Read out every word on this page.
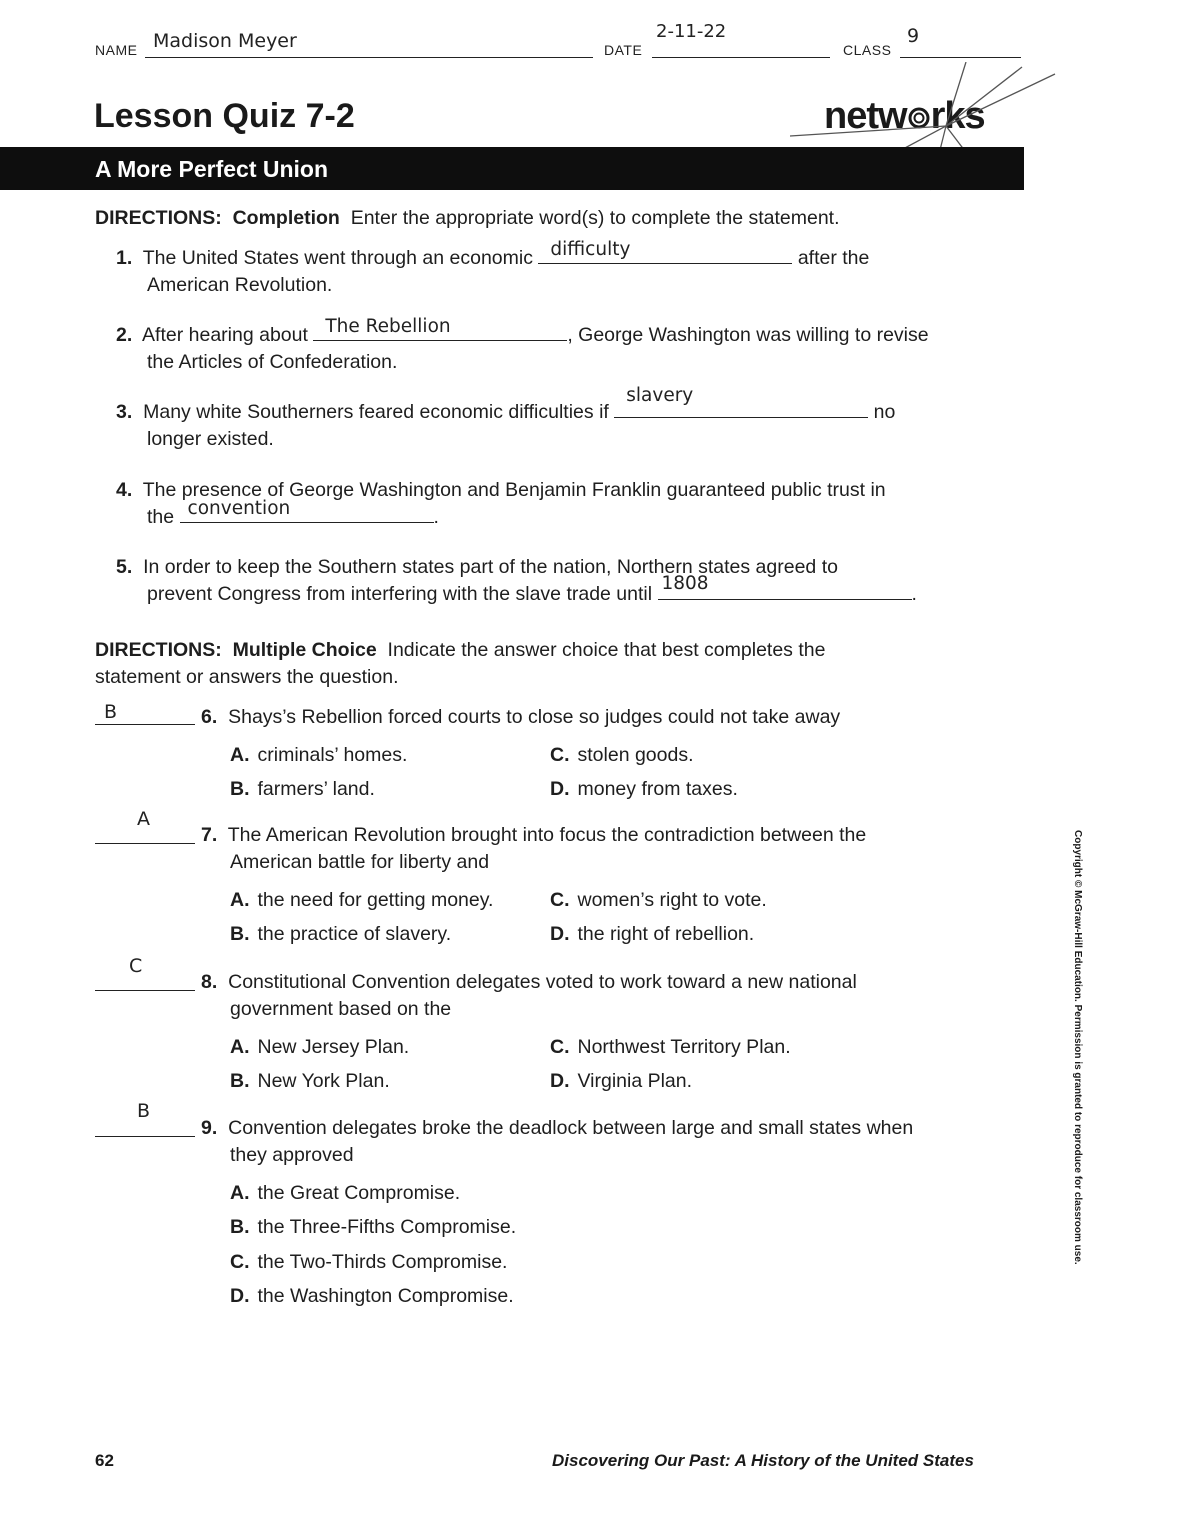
NAME Madison Meyer	DATE
2-11-22
CLASS
9
Lesson Quiz 7-2	netw rks
A More Perfect Union
DIRECTIONS: Completion Enter the appropriate word(s) to complete the statement.
1. The United States went through an economic difficulty	after the
American Revolution.
2. After hearing about The Rebellion	, George Washington was willing to revise
the Articles of Confederation.
3. Many white Southerners feared economic difficulties if
slavery
no
longer existed.
4. The presence of George Washington and Benjamin Franklin guaranteed public trust in
the convention	.
5. In order to keep the Southern states part of the nation, Northern states agreed to
prevent Congress from interfering with the slave trade until 1808	.
DIRECTIONS: Multiple Choice Indicate the answer choice that best completes the
statement or answers the question.
B	6. Shays’s Rebellion forced courts to close so judges could not take away
A. criminals’ homes.	C. stolen goods.
B. farmers’ land.	D. money from taxes.
A
7. The American Revolution brought into focus the contradiction between the
American battle for liberty and
A. the need for getting money.	C. women’s right to vote.
B. the practice of slavery.	D. the right of rebellion.
C
8. Constitutional Convention delegates voted to work toward a new national
government based on the
A. New Jersey Plan.	C. Northwest Territory Plan.
B. New York Plan.	D. Virginia Plan.
B
9. Convention delegates broke the deadlock between large and small states when
they approved
A. the Great Compromise.
B. the Three-Fifths Compromise.
C. the Two-Thirds Compromise.
D. the Washington Compromise.
Copyright © McGraw-Hill Education. Permission is granted to reproduce for classroom use.
62	Discovering Our Past: A History of the United States
